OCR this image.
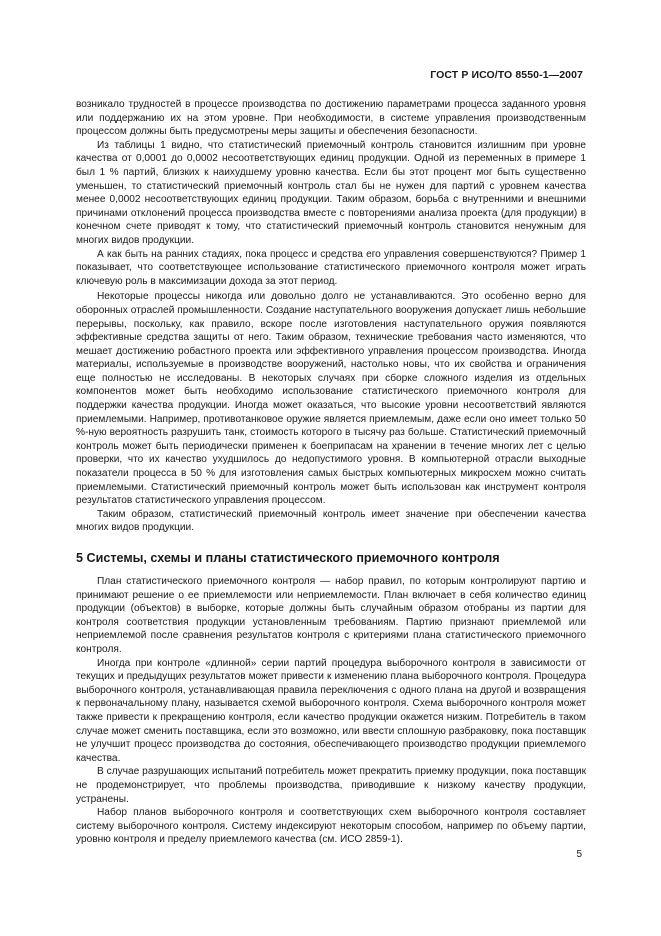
ГОСТ Р ИСО/ТО 8550-1—2007

возникало трудностей в процессе производства по достижению параметрами процесса заданного уровня или поддержанию их на этом уровне. При необходимости, в системе управления производственным процессом должны быть предусмотрены меры защиты и обеспечения безопасности.

Из таблицы 1 видно, что статистический приемочный контроль становится излишним при уровне качества от 0,0001 до 0,0002 несоответствующих единиц продукции. Одной из переменных в примере 1 был 1 % партий, близких к наихудшему уровню качества. Если бы этот процент мог быть существенно уменьшен, то статистический приемочный контроль стал бы не нужен для партий с уровнем качества менее 0,0002 несоответствующих единиц продукции. Таким образом, борьба с внутренними и внешними причинами отклонений процесса производства вместе с повторениями анализа проекта (для продукции) в конечном счете приводят к тому, что статистический приемочный контроль становится ненужным для многих видов продукции.

А как быть на ранних стадиях, пока процесс и средства его управления совершенствуются? Пример 1 показывает, что соответствующее использование статистического приемочного контроля может играть ключевую роль в максимизации дохода за этот период.

Некоторые процессы никогда или довольно долго не устанавливаются. Это особенно верно для оборонных отраслей промышленности. Создание наступательного вооружения допускает лишь небольшие перерывы, поскольку, как правило, вскоре после изготовления наступательного оружия появляются эффективные средства защиты от него. Таким образом, технические требования часто изменяются, что мешает достижению робастного проекта или эффективного управления процессом производства. Иногда материалы, используемые в производстве вооружений, настолько новы, что их свойства и ограничения еще полностью не исследованы. В некоторых случаях при сборке сложного изделия из отдельных компонентов может быть необходимо использование статистического приемочного контроля для поддержки качества продукции. Иногда может оказаться, что высокие уровни несоответствий являются приемлемыми. Например, противотанковое оружие является приемлемым, даже если оно имеет только 50 %-ную вероятность разрушить танк, стоимость которого в тысячу раз больше. Статистический приемочный контроль может быть периодически применен к боеприпасам на хранении в течение многих лет с целью проверки, что их качество ухудшилось до недопустимого уровня. В компьютерной отрасли выходные показатели процесса в 50 % для изготовления самых быстрых компьютерных микросхем можно считать приемлемыми. Статистический приемочный контроль может быть использован как инструмент контроля результатов статистического управления процессом.

Таким образом, статистический приемочный контроль имеет значение при обеспечении качества многих видов продукции.

5 Системы, схемы и планы статистического приемочного контроля

План статистического приемочного контроля — набор правил, по которым контролируют партию и принимают решение о ее приемлемости или неприемлемости. План включает в себя количество единиц продукции (объектов) в выборке, которые должны быть случайным образом отобраны из партии для контроля соответствия продукции установленным требованиям. Партию признают приемлемой или неприемлемой после сравнения результатов контроля с критериями плана статистического приемочного контроля.

Иногда при контроле «длинной» серии партий процедура выборочного контроля в зависимости от текущих и предыдущих результатов может привести к изменению плана выборочного контроля. Процедура выборочного контроля, устанавливающая правила переключения с одного плана на другой и возвращения к первоначальному плану, называется схемой выборочного контроля. Схема выборочного контроля может также привести к прекращению контроля, если качество продукции окажется низким. Потребитель в таком случае может сменить поставщика, если это возможно, или ввести сплошную разбраковку, пока поставщик не улучшит процесс производства до состояния, обеспечивающего производство продукции приемлемого качества.

В случае разрушающих испытаний потребитель может прекратить приемку продукции, пока поставщик не продемонстрирует, что проблемы производства, приводившие к низкому качеству продукции, устранены.

Набор планов выборочного контроля и соответствующих схем выборочного контроля составляет систему выборочного контроля. Систему индексируют некоторым способом, например по объему партии, уровню контроля и пределу приемлемого качества (см. ИСО 2859-1).

5
